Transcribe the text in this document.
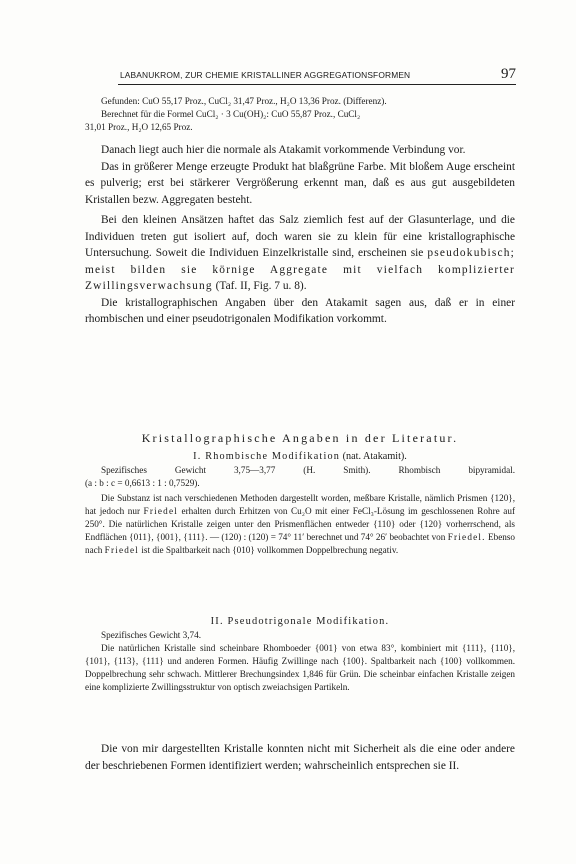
LABANUKROM, ZUR CHEMIE KRISTALLINER AGGREGATIONSFORMEN	97

Gefunden: CuO 55,17 Proz., CuCl₂ 31,47 Proz., H₂O 13,36 Proz. (Differenz).

Berechnet für die Formel CuCl₂ · 3 Cu(OH)₂: CuO 55,87 Proz., CuCl₂

31,01 Proz., H₂O 12,65 Proz.

Danach liegt auch hier die normale als Atakamit vorkommende Verbindung vor.

Das in größerer Menge erzeugte Produkt hat blaßgrüne Farbe. Mit bloßem Auge erscheint es pulverig; erst bei stärkerer Vergrößerung erkennt man, daß es aus gut ausgebildeten Kristallen bezw. Aggregaten besteht.

Bei den kleinen Ansätzen haftet das Salz ziemlich fest auf der Glasunterlage, und die Individuen treten gut isoliert auf, doch waren sie zu klein für eine kristallographische Untersuchung. Soweit die Individuen Einzelkristalle sind, erscheinen sie pseudokubisch; meist bilden sie körnige Aggregate mit vielfach komplizierter Zwillingsverwachsung (Taf. II, Fig. 7 u. 8).

Die kristallographischen Angaben über den Atakamit sagen aus, daß er in einer rhombischen und einer pseudotrigonalen Modifikation vorkommt.

Kristallographische Angaben in der Literatur.

I. Rhombische Modifikation (nat. Atakamit).

Spezifisches Gewicht 3,75—3,77 (H. Smith).	Rhombisch bipyramidal.

(a : b : c = 0,6613 : 1 : 0,7529).

Die Substanz ist nach verschiedenen Methoden dargestellt worden, meßbare Kristalle, nämlich Prismen {120}, hat jedoch nur Friedel erhalten durch Erhitzen von Cu₂O mit einer FeCl₃-Lösung im geschlossenen Rohre auf 250°. Die natürlichen Kristalle zeigen unter den Prismenflächen entweder {110} oder {120} vorherrschend, als Endflächen {011}, {001}, {111}. — (120) : (120) = 74° 11′ berechnet und 74° 26′ beobachtet von Friedel. Ebenso nach Friedel ist die Spaltbarkeit nach {010} vollkommen Doppelbrechung negativ.

II. Pseudotrigonale Modifikation.

Spezifisches Gewicht 3,74.

Die natürlichen Kristalle sind scheinbare Rhomboeder {001} von etwa 83°, kombiniert mit {111}, {110}, {101}, {113}, {111} und anderen Formen. Häufig Zwillinge nach {100}. Spaltbarkeit nach {100} vollkommen. Doppelbrechung sehr schwach. Mittlerer Brechungsindex 1,846 für Grün. Die scheinbar einfachen Kristalle zeigen eine komplizierte Zwillingsstruktur von optisch zweiachsigen Partikeln.

Die von mir dargestellten Kristalle konnten nicht mit Sicherheit als die eine oder andere der beschriebenen Formen identifiziert werden; wahrscheinlich entsprechen sie II.
